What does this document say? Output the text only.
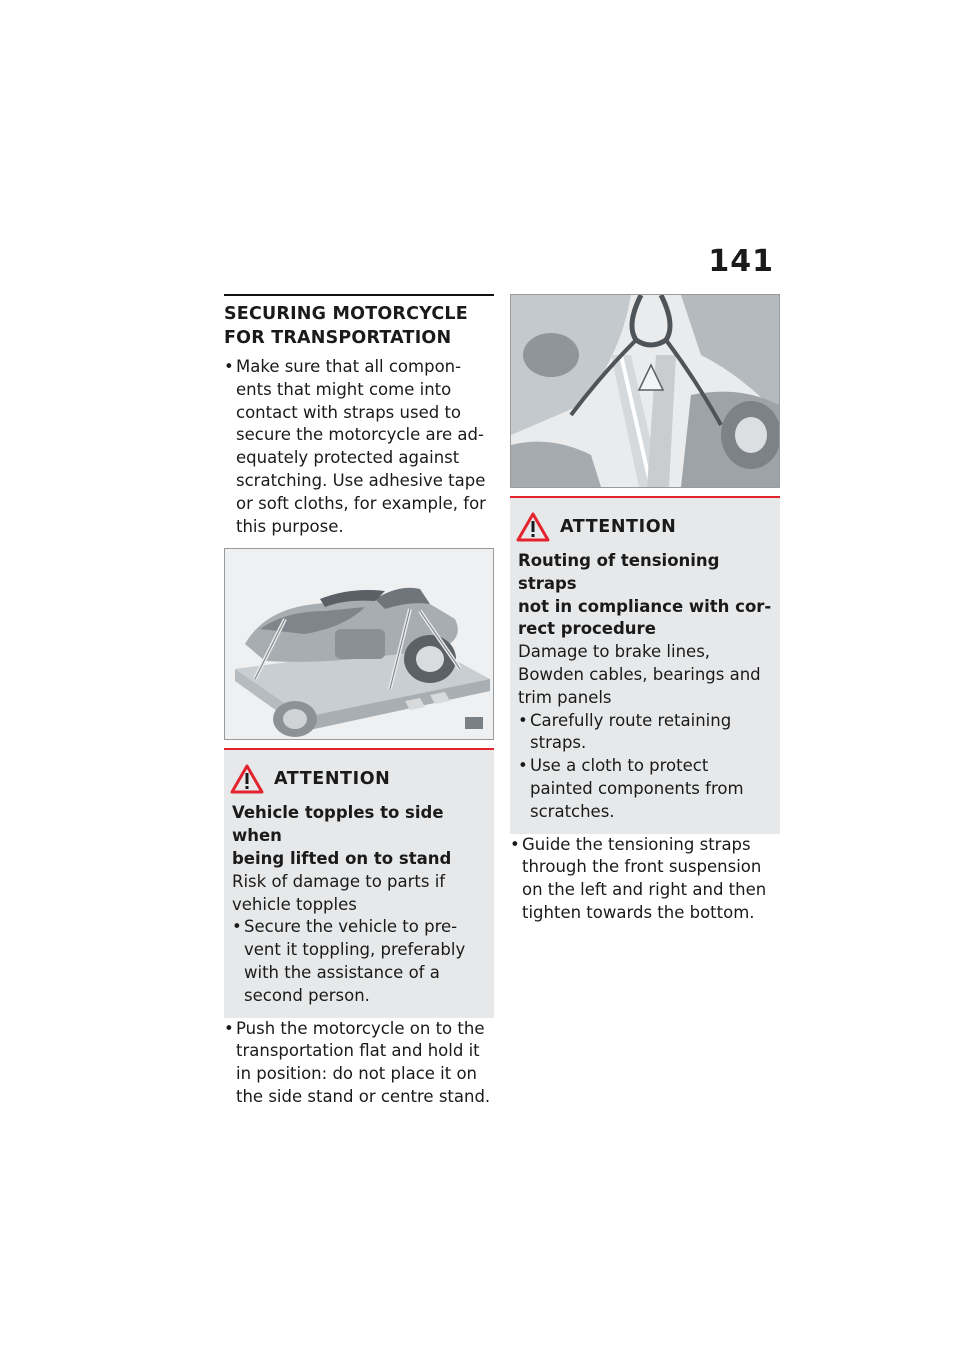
141
SECURING MOTORCYCLE
FOR TRANSPORTATION
• Make sure that all compon-
ents that might come into
contact with straps used to
secure the motorcycle are ad-
equately protected against
scratching. Use adhesive tape
or soft cloths, for example, for
this purpose.
ATTENTION
Vehicle topples to side when
being lifted on to stand
Risk of damage to parts if
vehicle topples
• Secure the vehicle to pre-
vent it toppling, preferably
with the assistance of a
second person.
• Push the motorcycle on to the
transportation flat and hold it
in position: do not place it on
the side stand or centre stand.
ATTENTION
Routing of tensioning straps
not in compliance with cor-
rect procedure
Damage to brake lines,
Bowden cables, bearings and
trim panels
• Carefully route retaining
straps.
• Use a cloth to protect
painted components from
scratches.
• Guide the tensioning straps
through the front suspension
on the left and right and then
tighten towards the bottom.
